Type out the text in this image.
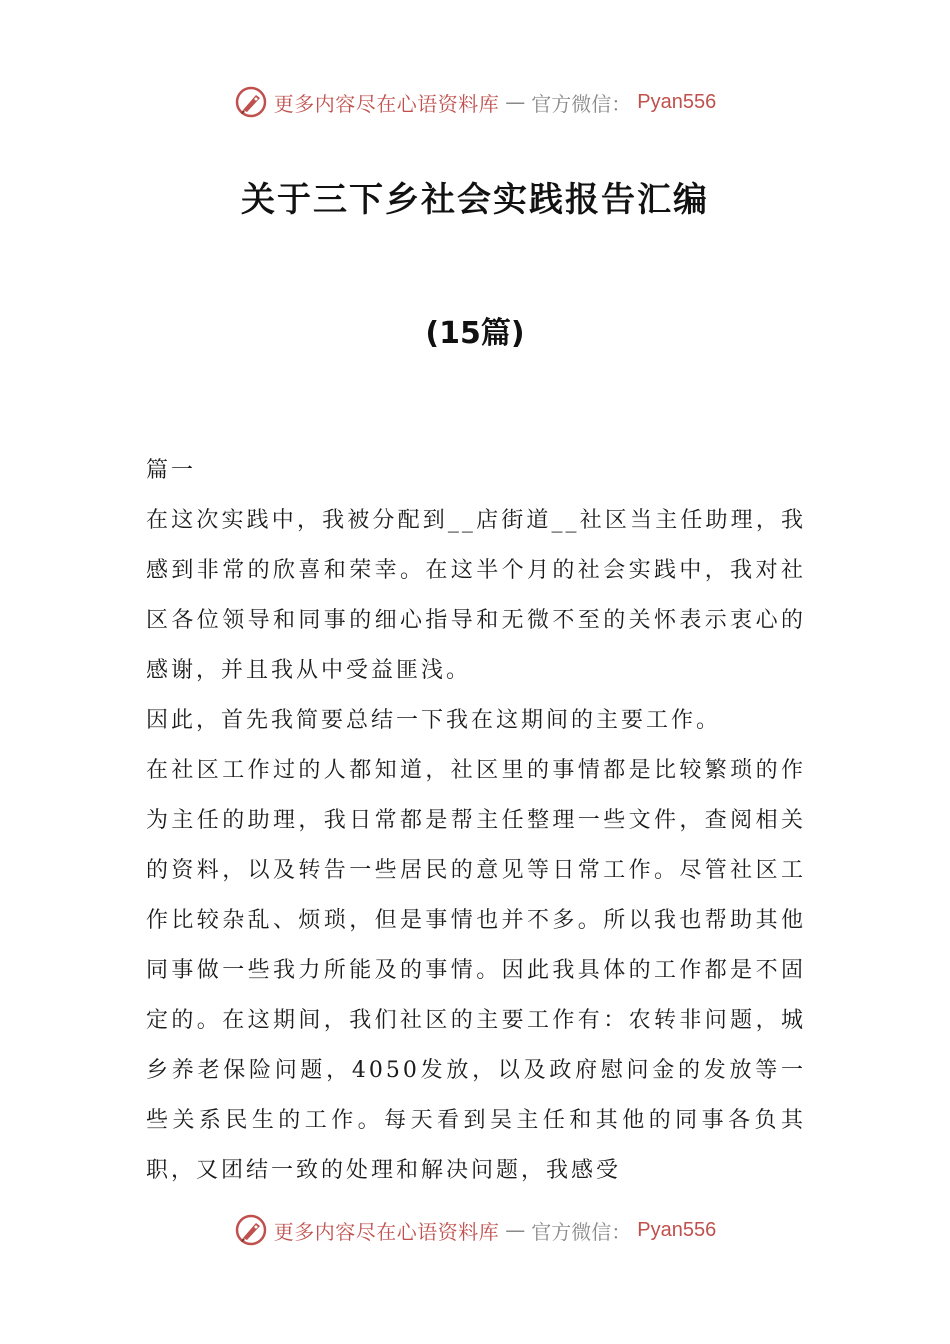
更多内容尽在心语资料库 — 官方微信： Pyan556
关于三下乡社会实践报告汇编
(15篇)

篇一

在这次实践中，我被分配到__店街道__社区当主任助理，我感到非常的欣喜和荣幸。在这半个月的社会实践中，我对社区各位领导和同事的细心指导和无微不至的关怀表示衷心的感谢，并且我从中受益匪浅。

因此，首先我简要总结一下我在这期间的主要工作。

在社区工作过的人都知道，社区里的事情都是比较繁琐的作为主任的助理，我日常都是帮主任整理一些文件，查阅相关的资料，以及转告一些居民的意见等日常工作。尽管社区工作比较杂乱、烦琐，但是事情也并不多。所以我也帮助其他同事做一些我力所能及的事情。因此我具体的工作都是不固定的。在这期间，我们社区的主要工作有：农转非问题，城乡养老保险问题，4050发放，以及政府慰问金的发放等一些关系民生的工作。每天看到吴主任和其他的同事各负其职，又团结一致的处理和解决问题，我感受

更多内容尽在心语资料库 — 官方微信： Pyan556
